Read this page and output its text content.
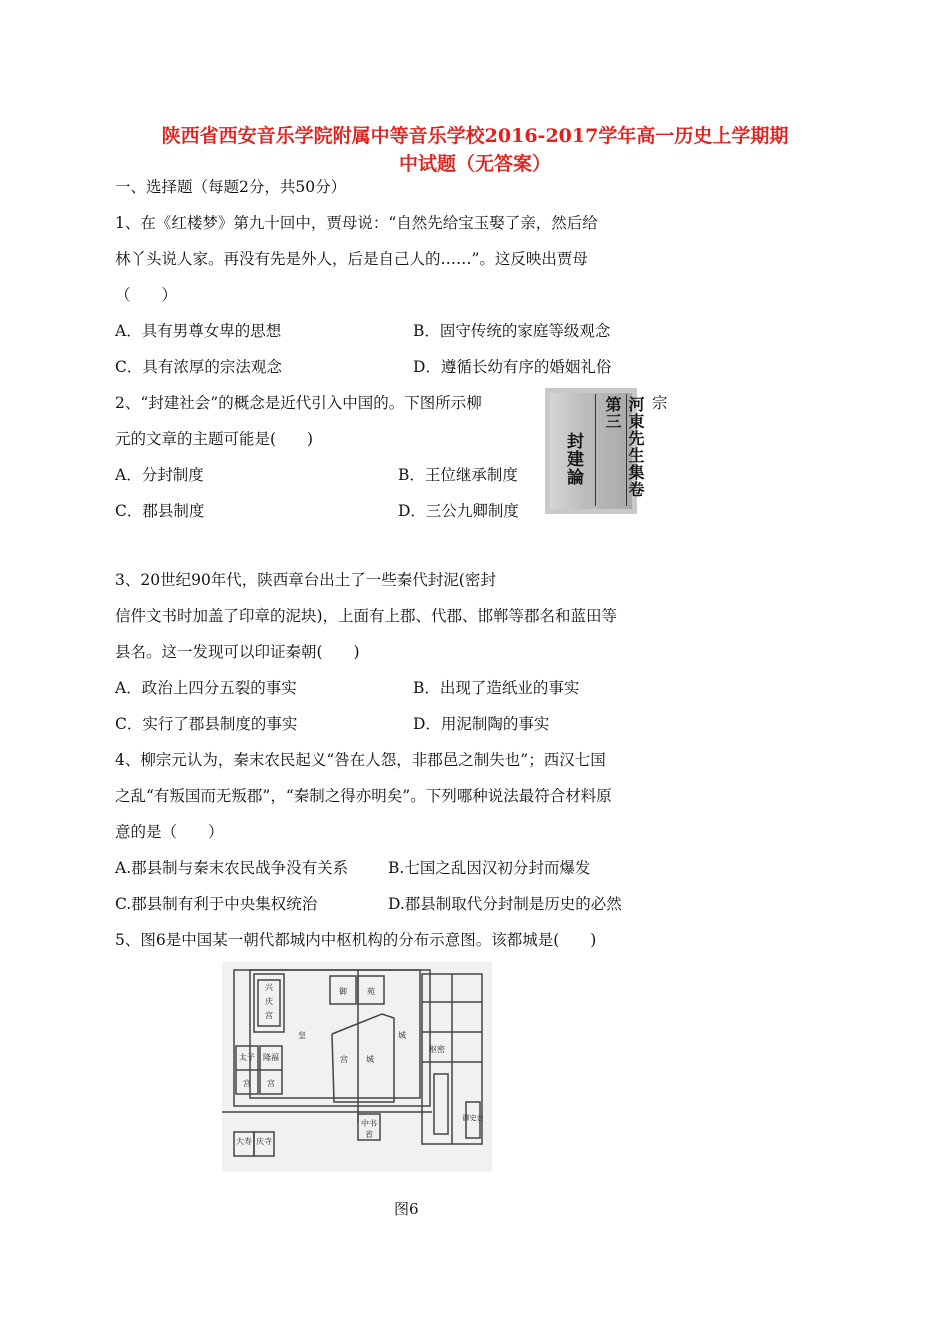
陕西省西安音乐学院附属中等音乐学校2016-2017学年高一历史上学期期
中试题（无答案）
一、选择题（每题2分，共50分）
1、在《红楼梦》第九十回中，贾母说：“自然先给宝玉娶了亲，然后给
林丫头说人家。再没有先是外人，后是自己人的……”。这反映出贾母
（　　）
A．具有男尊女卑的思想	B．固守传统的家庭等级观念
C．具有浓厚的宗法观念	D．遵循长幼有序的婚姻礼俗
2、“封建社会”的概念是近代引入中国的。下图所示柳	宗
元的文章的主题可能是(　　)
A．分封制度	B．王位继承制度
C．郡县制度	D．三公九卿制度
河東先生集卷第三
封建論
3、20世纪90年代，陕西章台出土了一些秦代封泥(密封
信件文书时加盖了印章的泥块)，上面有上郡、代郡、邯郸等郡名和蓝田等
县名。这一发现可以印证秦朝(　　)
A．政治上四分五裂的事实	B．出现了造纸业的事实
C．实行了郡县制度的事实	D．用泥制陶的事实
4、柳宗元认为，秦末农民起义“咎在人怨，非郡邑之制失也”；西汉七国
之乱“有叛国而无叛郡”，“秦制之得亦明矣”。下列哪种说法最符合材料原
意的是（　　）
A.郡县制与秦末农民战争没有关系	B.七国之乱因汉初分封而爆发
C.郡县制有利于中央集权统治	D.郡县制取代分封制是历史的必然
5、图6是中国某一朝代都城内中枢机构的分布示意图。该都城是(　　)
兴
庆
宫
皇	城
御	苑
宫 城
太子
宫
隆福
宫
枢密
中书
省
大寿 庆寺
御史台
图6
